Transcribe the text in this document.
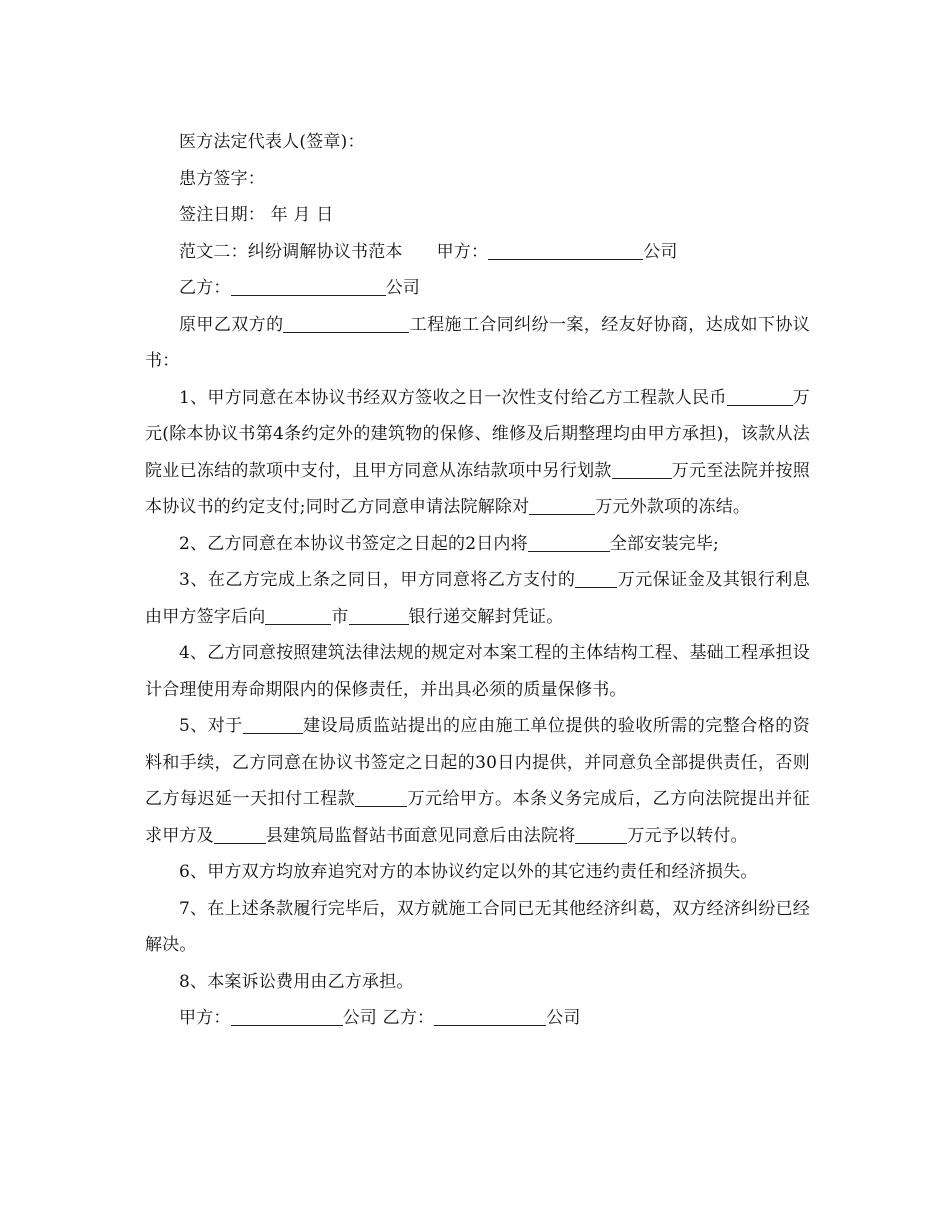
医方法定代表人(签章)：

患方签字：

签注日期： 年 月 日

范文二：纠纷调解协议书范本 甲方：	公司

乙方：	公司

原甲乙双方的	工程施工合同纠纷一案，经友好协商，达成如下协议书：

1、甲方同意在本协议书经双方签收之日一次性支付给乙方工程款人民币	万元(除本协议书第4条约定外的建筑物的保修、维修及后期整理均由甲方承担)，该款从法院业已冻结的款项中支付，且甲方同意从冻结款项中另行划款	万元至法院并按照本协议书的约定支付;同时乙方同意申请法院解除对	万元外款项的冻结。

2、乙方同意在本协议书签定之日起的2日内将	全部安装完毕;

3、在乙方完成上条之同日，甲方同意将乙方支付的 万元保证金及其银行利息由甲方签字后向	市	银行递交解封凭证。

4、乙方同意按照建筑法律法规的规定对本案工程的主体结构工程、基础工程承担设计合理使用寿命期限内的保修责任，并出具必须的质量保修书。

5、对于	建设局质监站提出的应由施工单位提供的验收所需的完整合格的资料和手续，乙方同意在协议书签定之日起的30日内提供，并同意负全部提供责任，否则乙方每迟延一天扣付工程款	万元给甲方。本条义务完成后，乙方向法院提出并征求甲方及	县建筑局监督站书面意见同意后由法院将	万元予以转付。

6、甲方双方均放弃追究对方的本协议约定以外的其它违约责任和经济损失。

7、在上述条款履行完毕后，双方就施工合同已无其他经济纠葛，双方经济纠纷已经解决。

8、本案诉讼费用由乙方承担。

甲方：	公司 乙方：	公司
